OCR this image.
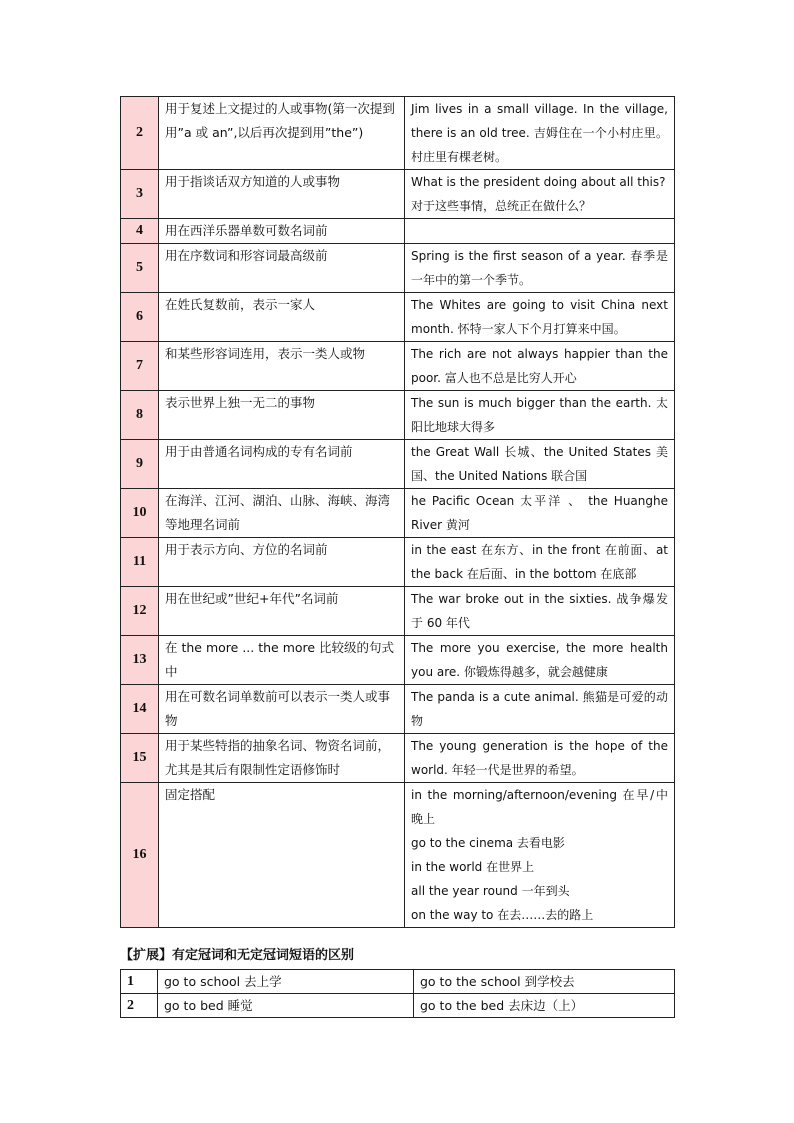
2	用于复述上文提过的人或事物(第一次提到用”a 或 an”,以后再次提到用”the”)	Jim lives in a small village. In the village, there is an old tree. 吉姆住在一个小村庄里。村庄里有棵老树。

3	用于指谈话双方知道的人或事物	What is the president doing about all this?
对于这些事情，总统正在做什么？

4	用在西洋乐器单数可数名词前	
5	用在序数词和形容词最高级前	Spring is the first season of a year. 春季是一年中的第一个季节。

6	在姓氏复数前，表示一家人	The Whites are going to visit China next month. 怀特一家人下个月打算来中国。

7	和某些形容词连用，表示一类人或物	The rich are not always happier than the poor. 富人也不总是比穷人开心

8	表示世界上独一无二的事物	The sun is much bigger than the earth. 太阳比地球大得多

9	用于由普通名词构成的专有名词前	the Great Wall 长城、the United States 美国、the United Nations 联合国

10	在海洋、江河、湖泊、山脉、海峡、海湾等地理名词前	he Pacific Ocean 太平洋 、 the Huanghe River 黄河

11	用于表示方向、方位的名词前	in the east 在东方、in the front 在前面、at the back 在后面、in the bottom 在底部

12	用在世纪或”世纪+年代”名词前	The war broke out in the sixties. 战争爆发于 60 年代

13	在 the more ... the more 比较级的句式中	The more you exercise, the more health you are. 你锻炼得越多，就会越健康

14	用在可数名词单数前可以表示一类人或事物	The panda is a cute animal. 熊猫是可爱的动物

15	用于某些特指的抽象名词、物资名词前，尤其是其后有限制性定语修饰时	The young generation is the hope of the world. 年轻一代是世界的希望。

16	固定搭配	in the morning/afternoon/evening 在早/中晚上
go to the cinema 去看电影
in the world 在世界上
all the year round 一年到头
on the way to 在去……去的路上
【扩展】有定冠词和无定冠词短语的区别
1	go to school 去上学	go to the school 到学校去
2	go to bed 睡觉	go to the bed 去床边（上）
